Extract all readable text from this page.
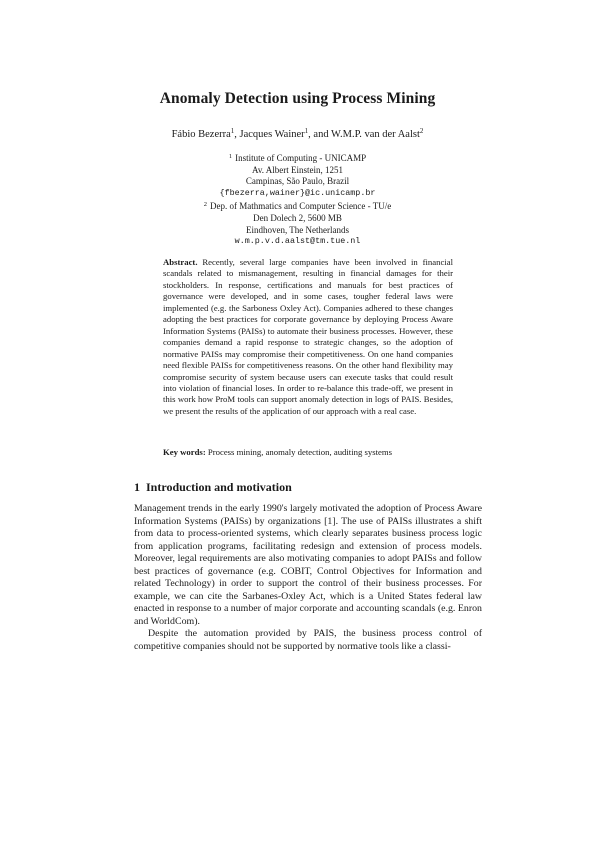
Anomaly Detection using Process Mining
Fábio Bezerra$^1$, Jacques Wainer$^1$, and W.M.P. van der Aalst$^2$
$^1$ Institute of Computing - UNICAMP
Av. Albert Einstein, 1251
Campinas, São Paulo, Brazil
{fbezerra,wainer}@ic.unicamp.br
$^2$ Dep. of Mathmatics and Computer Science - TU/e
Den Dolech 2, 5600 MB
Eindhoven, The Netherlands
w.m.p.v.d.aalst@tm.tue.nl
Abstract. Recently, several large companies have been involved in financial scandals related to mismanagement, resulting in financial damages for their stockholders. In response, certifications and manuals for best practices of governance were developed, and in some cases, tougher federal laws were implemented (e.g. the Sarboness Oxley Act). Companies adhered to these changes adopting the best practices for corporate governance by deploying Process Aware Information Systems (PAISs) to automate their business processes. However, these companies demand a rapid response to strategic changes, so the adoption of normative PAISs may compromise their competitiveness. On one hand companies need flexible PAISs for competitiveness reasons. On the other hand flexibility may compromise security of system because users can execute tasks that could result into violation of financial loses. In order to re-balance this trade-off, we present in this work how ProM tools can support anomaly detection in logs of PAIS. Besides, we present the results of the application of our approach with a real case.
Key words: Process mining, anomaly detection, auditing systems
1 Introduction and motivation

Management trends in the early 1990's largely motivated the adoption of Process Aware Information Systems (PAISs) by organizations [1]. The use of PAISs illustrates a shift from data to process-oriented systems, which clearly separates business process logic from application programs, facilitating redesign and extension of process models. Moreover, legal requirements are also motivating companies to adopt PAISs and follow best practices of governance (e.g. COBIT, Control Objectives for Information and related Technology) in order to support the control of their business processes. For example, we can cite the Sarbanes-Oxley Act, which is a United States federal law enacted in response to a number of major corporate and accounting scandals (e.g. Enron and WorldCom).

Despite the automation provided by PAIS, the business process control of competitive companies should not be supported by normative tools like a classi-
